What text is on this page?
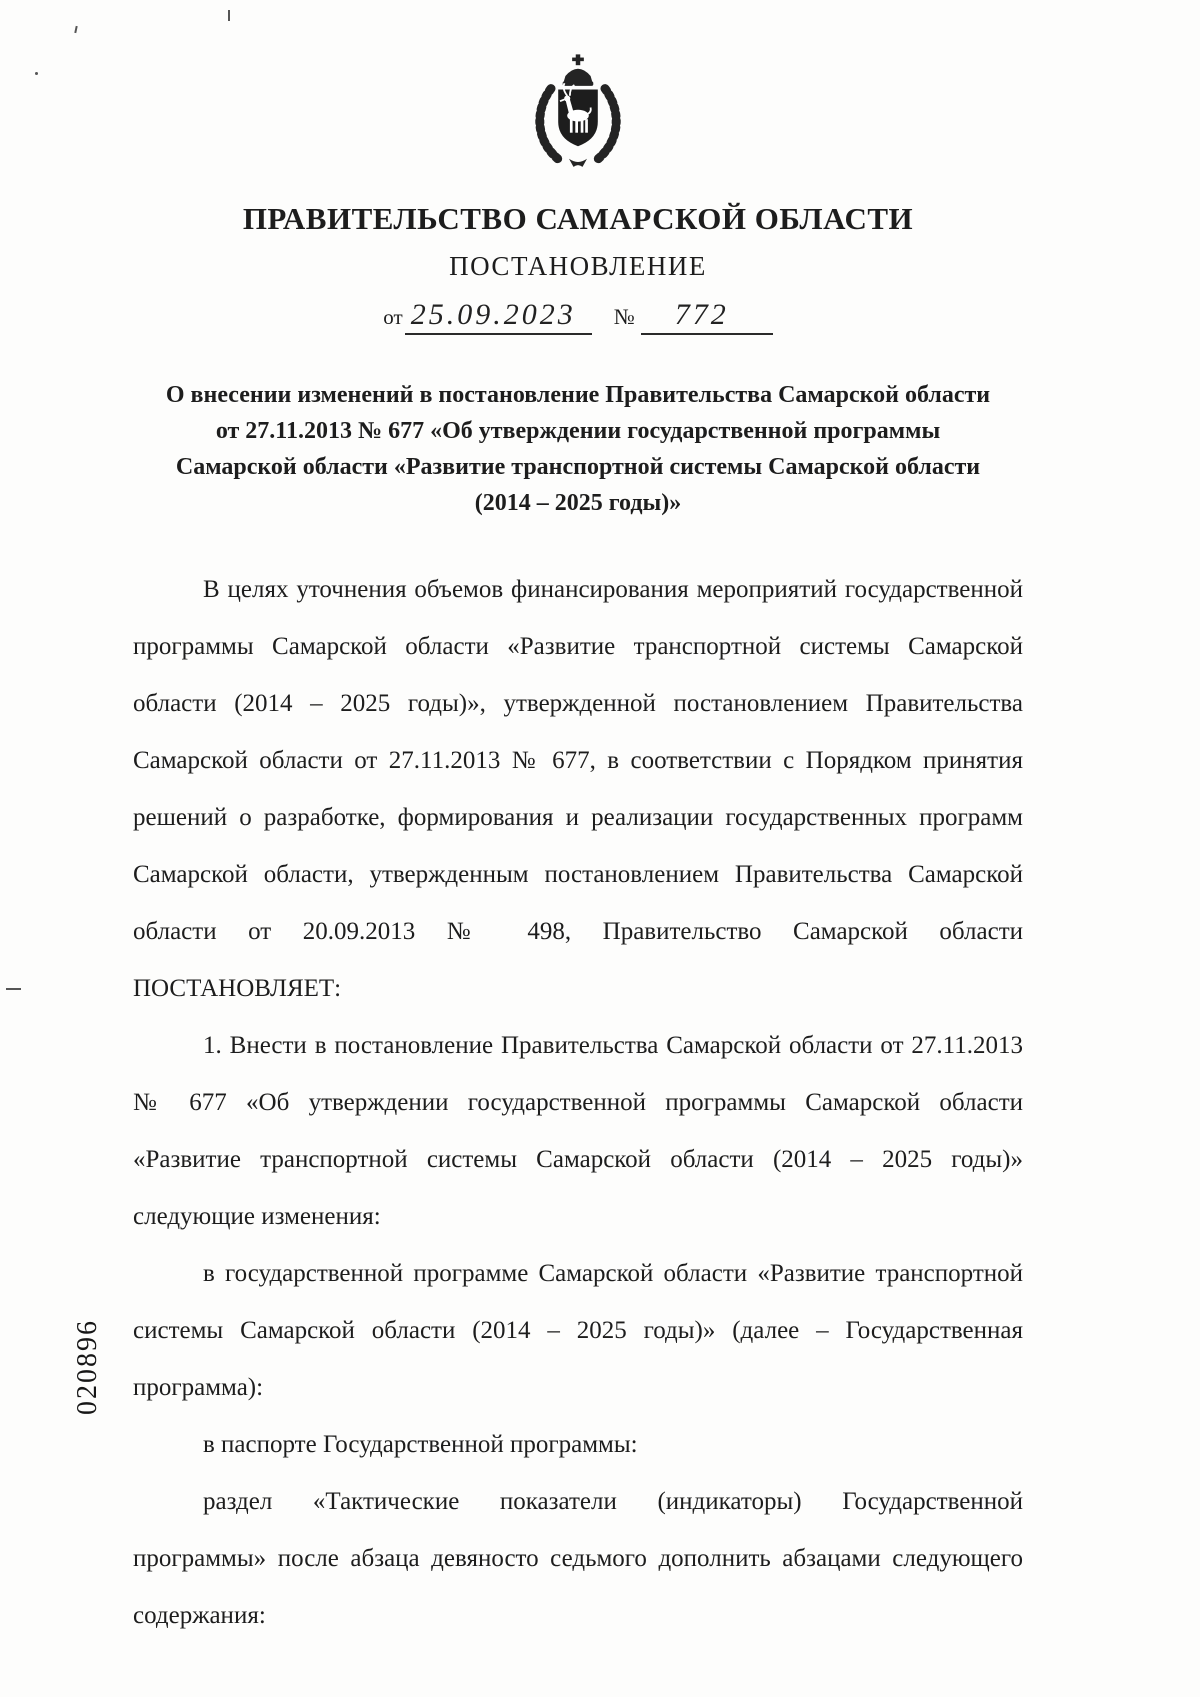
020896
ПРАВИТЕЛЬСТВО САМАРСКОЙ ОБЛАСТИ
ПОСТАНОВЛЕНИЕ
от 25.09.2023 № 772
О внесении изменений в постановление Правительства Самарской области
от 27.11.2013 № 677 «Об утверждении государственной программы
Самарской области «Развитие транспортной системы Самарской области
(2014 – 2025 годы)»

В целях уточнения объемов финансирования мероприятий государственной программы Самарской области «Развитие транспортной системы Самарской области (2014 – 2025 годы)», утвержденной постановлением Правительства Самарской области от 27.11.2013 № 677, в соответствии с Порядком принятия решений о разработке, формирования и реализации государственных программ Самарской области, утвержденным постановлением Правительства Самарской области от 20.09.2013 № 498, Правительство Самарской области ПОСТАНОВЛЯЕТ:

1. Внести в постановление Правительства Самарской области от 27.11.2013 № 677 «Об утверждении государственной программы Самарской области «Развитие транспортной системы Самарской области (2014 – 2025 годы)» следующие изменения:

в государственной программе Самарской области «Развитие транспортной системы Самарской области (2014 – 2025 годы)» (далее – Государственная программа):

в паспорте Государственной программы:

раздел «Тактические показатели (индикаторы) Государственной программы» после абзаца девяносто седьмого дополнить абзацами следующего содержания:
